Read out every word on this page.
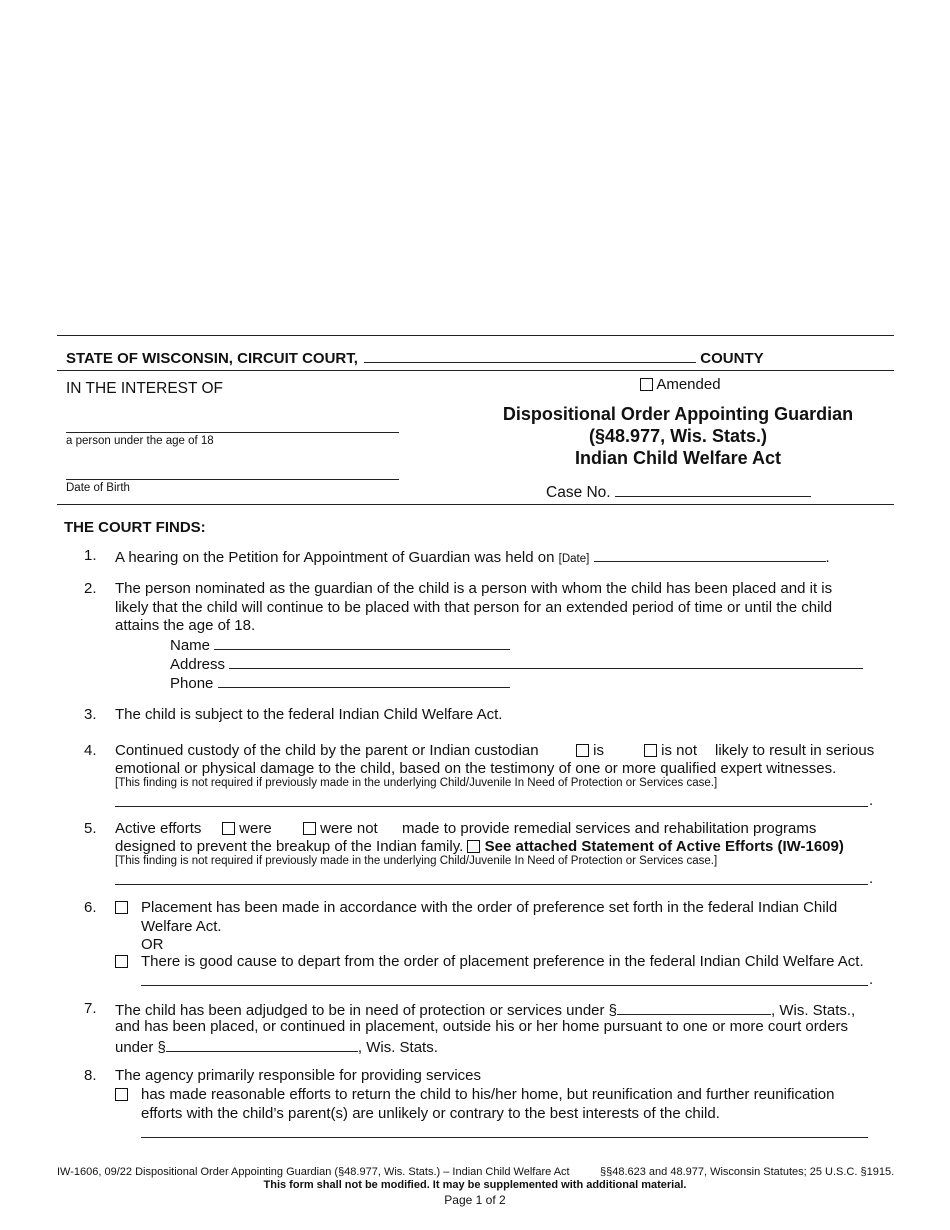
STATE OF WISCONSIN, CIRCUIT COURT,	COUNTY
IN THE INTEREST OF
a person under the age of 18
Date of Birth
Amended
Dispositional Order Appointing Guardian
(§48.977, Wis. Stats.)
Indian Child Welfare Act
Case No.
THE COURT FINDS:
1. A hearing on the Petition for Appointment of Guardian was held on [Date]	.
2. The person nominated as the guardian of the child is a person with whom the child has been placed and it is
likely that the child will continue to be placed with that person for an extended period of time or until the child
attains the age of 18.
Name
Address
Phone
3. The child is subject to the federal Indian Child Welfare Act.
4. Continued custody of the child by the parent or Indian custodian	is	is not likely to result in serious
emotional or physical damage to the child, based on the testimony of one or more qualified expert witnesses.
[This finding is not required if previously made in the underlying Child/Juvenile In Need of Protection or Services case.]
.
5. Active efforts	were	were not made to provide remedial services and rehabilitation programs
designed to prevent the breakup of the Indian family. See attached Statement of Active Efforts (IW-1609)
[This finding is not required if previously made in the underlying Child/Juvenile In Need of Protection or Services case.]
.
6.	Placement has been made in accordance with the order of preference set forth in the federal Indian Child
Welfare Act.
OR
There is good cause to depart from the order of placement preference in the federal Indian Child Welfare Act.
.
7. The child has been adjudged to be in need of protection or services under §	, Wis. Stats.,
and has been placed, or continued in placement, outside his or her home pursuant to one or more court orders
under §	, Wis. Stats.
8. The agency primarily responsible for providing services
has made reasonable efforts to return the child to his/her home, but reunification and further reunification
efforts with the child’s parent(s) are unlikely or contrary to the best interests of the child.
IW-1606, 09/22 Dispositional Order Appointing Guardian (§48.977, Wis. Stats.) – Indian Child Welfare Act	§§48.623 and 48.977, Wisconsin Statutes; 25 U.S.C. §1915.
This form shall not be modified. It may be supplemented with additional material.
Page 1 of 2
